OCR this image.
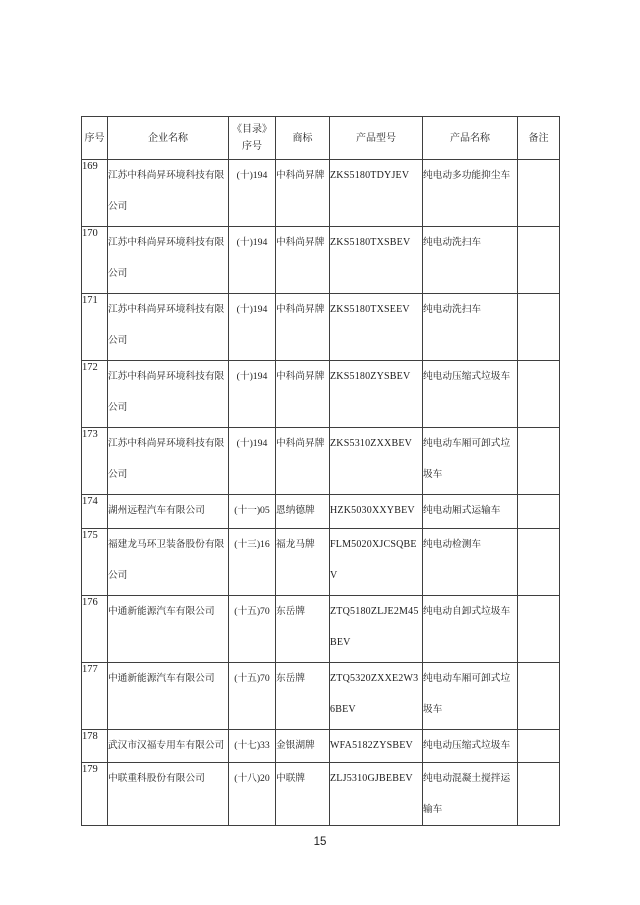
序号	企业名称	《目录》序号	商标	产品型号	产品名称	备注
169	江苏中科尚昇环境科技有限公司	(十)194	中科尚昇牌	ZKS5180TDYJEV	纯电动多功能抑尘车	
170	江苏中科尚昇环境科技有限公司	(十)194	中科尚昇牌	ZKS5180TXSBEV	纯电动洗扫车	
171	江苏中科尚昇环境科技有限公司	(十)194	中科尚昇牌	ZKS5180TXSEEV	纯电动洗扫车	
172	江苏中科尚昇环境科技有限公司	(十)194	中科尚昇牌	ZKS5180ZYSBEV	纯电动压缩式垃圾车	
173	江苏中科尚昇环境科技有限公司	(十)194	中科尚昇牌	ZKS5310ZXXBEV	纯电动车厢可卸式垃圾车	
174	湖州远程汽车有限公司	(十一)05	恩纳德牌	HZK5030XXYBEV	纯电动厢式运输车	
175	福建龙马环卫装备股份有限公司	(十三)16	福龙马牌	FLM5020XJCSQBEV	纯电动检测车	
176	中通新能源汽车有限公司	(十五)70	东岳牌	ZTQ5180ZLJE2M45BEV	纯电动自卸式垃圾车	
177	中通新能源汽车有限公司	(十五)70	东岳牌	ZTQ5320ZXXE2W36BEV	纯电动车厢可卸式垃圾车	
178	武汉市汉福专用车有限公司	(十七)33	金银湖牌	WFA5182ZYSBEV	纯电动压缩式垃圾车	
179	中联重科股份有限公司	(十八)20	中联牌	ZLJ5310GJBEBEV	纯电动混凝土搅拌运输车	
15
